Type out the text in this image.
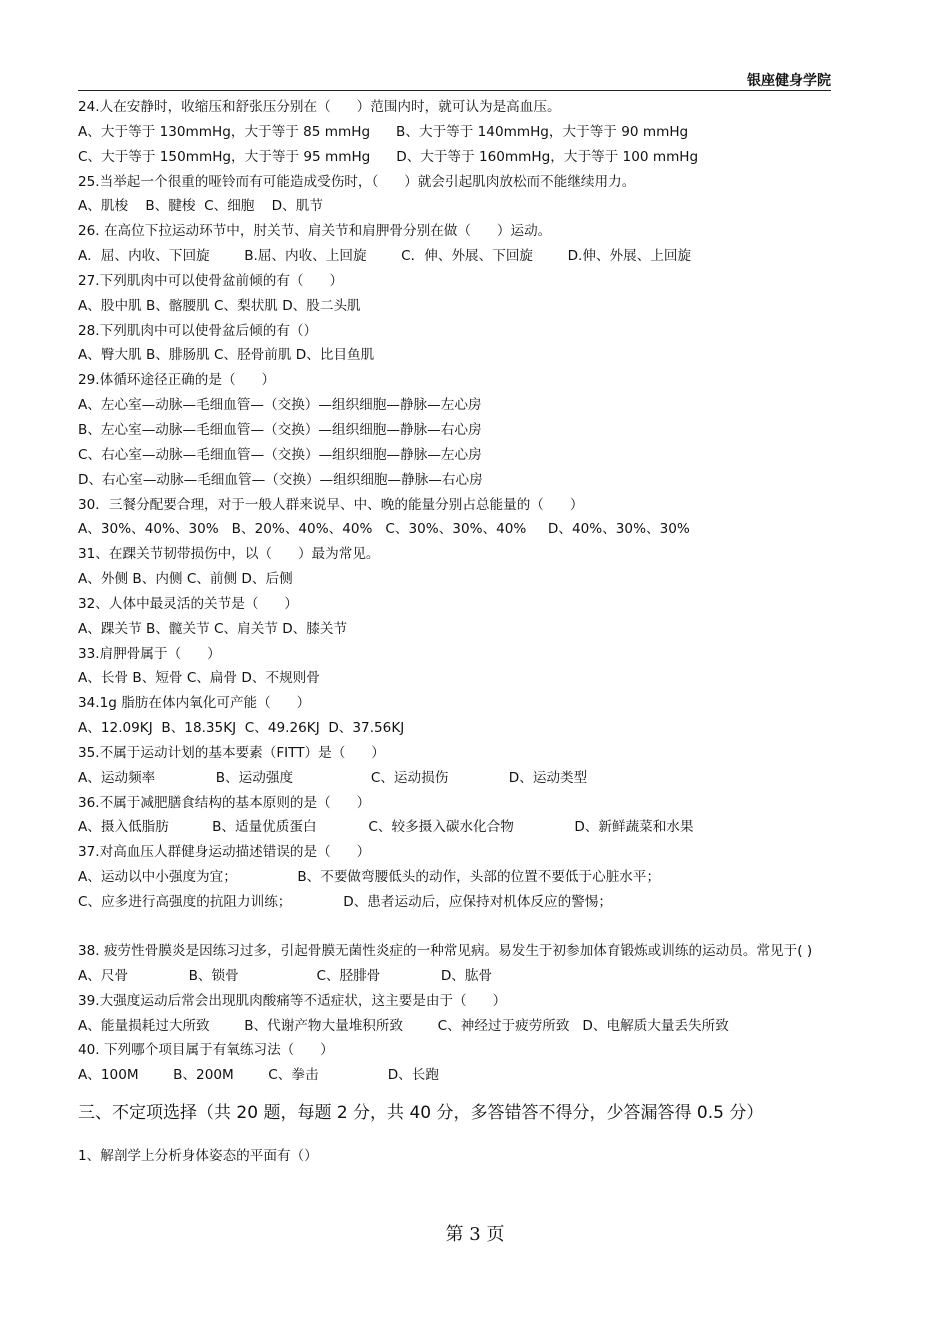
银座健身学院
24.人在安静时，收缩压和舒张压分别在（      ）范围内时，就可认为是高血压。
A、大于等于 130mmHg，大于等于 85 mmHg      B、大于等于 140mmHg，大于等于 90 mmHg
C、大于等于 150mmHg，大于等于 95 mmHg      D、大于等于 160mmHg，大于等于 100 mmHg
25.当举起一个很重的哑铃而有可能造成受伤时，（      ）就会引起肌肉放松而不能继续用力。
A、肌梭    B、腱梭  C、细胞    D、肌节
26. 在高位下拉运动环节中，肘关节、肩关节和肩胛骨分别在做（      ）运动。
A．屈、内收、下回旋        B.屈、内收、上回旋        C．伸、外展、下回旋        D.伸、外展、上回旋
27.下列肌肉中可以使骨盆前倾的有（      ）
A、股中肌 B、髂腰肌 C、梨状肌 D、股二头肌
28.下列肌肉中可以使骨盆后倾的有（）
A、臀大肌 B、腓肠肌 C、胫骨前肌 D、比目鱼肌
29.体循环途径正确的是（      ）
A、左心室—动脉—毛细血管—（交换）—组织细胞—静脉—左心房
B、左心室—动脉—毛细血管—（交换）—组织细胞—静脉—右心房
C、右心室—动脉—毛细血管—（交换）—组织细胞—静脉—左心房
D、右心室—动脉—毛细血管—（交换）—组织细胞—静脉—右心房
30．三餐分配要合理，对于一般人群来说早、中、晚的能量分别占总能量的（      ）
A、30%、40%、30%   B、20%、40%、40%   C、30%、30%、40%     D、40%、30%、30%
31、在踝关节韧带损伤中，以（      ）最为常见。
A、外侧 B、内侧 C、前侧 D、后侧
32、人体中最灵活的关节是（      ）
A、踝关节 B、髋关节 C、肩关节 D、膝关节
33.肩胛骨属于（      ）
A、长骨 B、短骨 C、扁骨 D、不规则骨
34.1g 脂肪在体内氧化可产能（      ）
A、12.09KJ  B、18.35KJ  C、49.26KJ  D、37.56KJ
35.不属于运动计划的基本要素（FITT）是（      ）
A、运动频率              B、运动强度                  C、运动损伤              D、运动类型
36.不属于减肥膳食结构的基本原则的是（      ）
A、摄入低脂肪          B、适量优质蛋白            C、较多摄入碳水化合物              D、新鲜蔬菜和水果
37.对高血压人群健身运动描述错误的是（      ）
A、运动以中小强度为宜；              B、不要做弯腰低头的动作，头部的位置不要低于心脏水平；
C、应多进行高强度的抗阻力训练；            D、患者运动后，应保持对机体反应的警惕；
38. 疲劳性骨膜炎是因练习过多，引起骨膜无菌性炎症的一种常见病。易发生于初参加体育锻炼或训练的运动员。常见于( )
A、尺骨              B、锁骨                  C、胫腓骨              D、肱骨
39.大强度运动后常会出现肌肉酸痛等不适症状，这主要是由于（      ）
A、能量损耗过大所致        B、代谢产物大量堆积所致        C、神经过于疲劳所致   D、电解质大量丢失所致
40. 下列哪个项目属于有氧练习法（      ）
A、100M        B、200M        C、拳击                D、长跑
三、不定项选择（共 20 题，每题 2 分，共 40 分，多答错答不得分，少答漏答得 0.5 分）
1、解剖学上分析身体姿态的平面有（）
第 3 页
